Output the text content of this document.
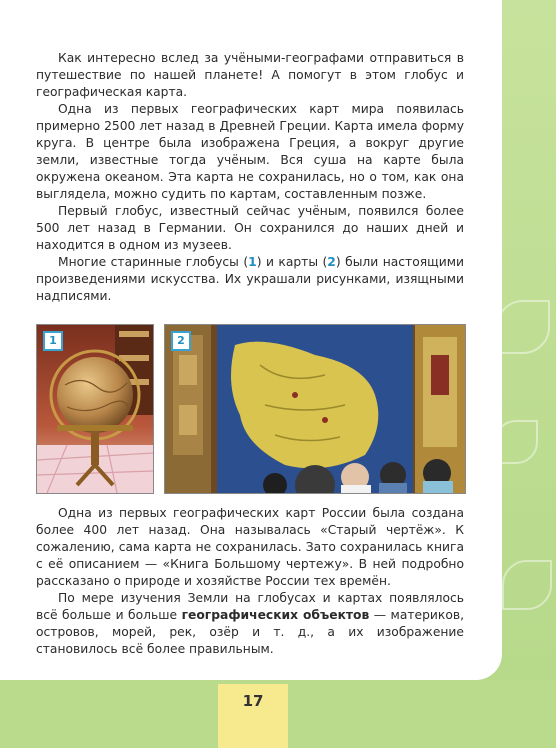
Как интересно вслед за учёными-географами отправиться в путешествие по нашей планете! А помогут в этом глобус и географическая карта.

Одна из первых географических карт мира появилась примерно 2500 лет назад в Древней Греции. Карта имела форму круга. В центре была изображена Греция, а вокруг другие земли, известные тогда учёным. Вся суша на карте была окружена океаном. Эта карта не сохранилась, но о том, как она выглядела, можно судить по картам, составленным позже.

Первый глобус, известный сейчас учёным, появился более 500 лет назад в Германии. Он сохранился до наших дней и находится в одном из музеев.

Многие старинные глобусы (1) и карты (2) были настоящими произведениями искусства. Их украшали рисунками, изящными надписями.

1	2

Одна из первых географических карт России была создана более 400 лет назад. Она называлась «Старый чертёж». К сожалению, сама карта не сохранилась. Зато сохранилась книга с её описанием — «Книга Большому чертежу». В ней подробно рассказано о природе и хозяйстве России тех времён.

По мере изучения Земли на глобусах и картах появлялось всё больше и больше географических объектов — материков, островов, морей, рек, озёр и т. д., а их изображение становилось всё более правильным.

17
